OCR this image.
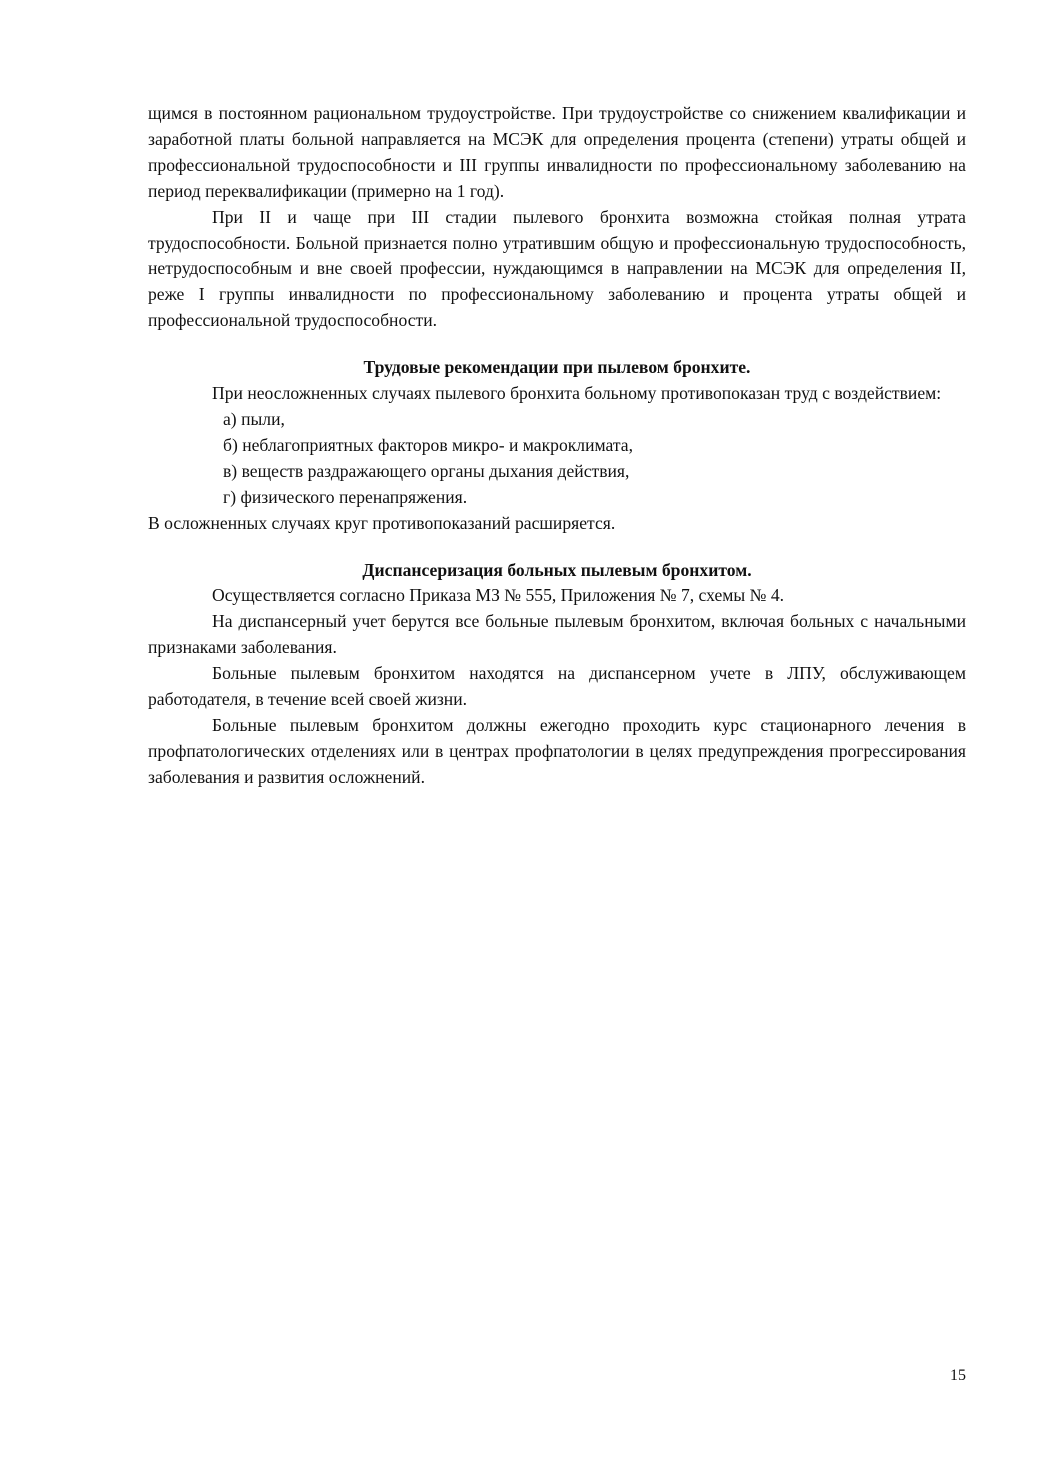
щимся в постоянном рациональном трудоустройстве. При трудоустройстве со снижением квалификации и заработной платы больной направляется на МСЭК для определения процента (степени) утраты общей и профессиональной трудоспособности и III группы инвалидности по профессиональному заболеванию на период переквалификации (примерно на 1 год).

При II и чаще при III стадии пылевого бронхита возможна стойкая полная утрата трудоспособности. Больной признается полно утратившим общую и профессиональную трудоспособность, нетрудоспособным и вне своей профессии, нуждающимся в направлении на МСЭК для определения II, реже I группы инвалидности по профессиональному заболеванию и процента утраты общей и профессиональной трудоспособности.

Трудовые рекомендации при пылевом бронхите.

При неосложненных случаях пылевого бронхита больному противопоказан труд с воздействием:

а) пыли,
б) неблагоприятных факторов микро- и макроклимата,
в) веществ раздражающего органы дыхания действия,
г) физического перенапряжения.

В осложненных случаях круг противопоказаний расширяется.

Диспансеризация больных пылевым бронхитом.

Осуществляется согласно Приказа МЗ № 555, Приложения № 7, схемы № 4.

На диспансерный учет берутся все больные пылевым бронхитом, включая больных с начальными признаками заболевания.

Больные пылевым бронхитом находятся на диспансерном учете в ЛПУ, обслуживающем работодателя, в течение всей своей жизни.

Больные пылевым бронхитом должны ежегодно проходить курс стационарного лечения в профпатологических отделениях или в центрах профпатологии в целях предупреждения прогрессирования заболевания и развития осложнений.

15
